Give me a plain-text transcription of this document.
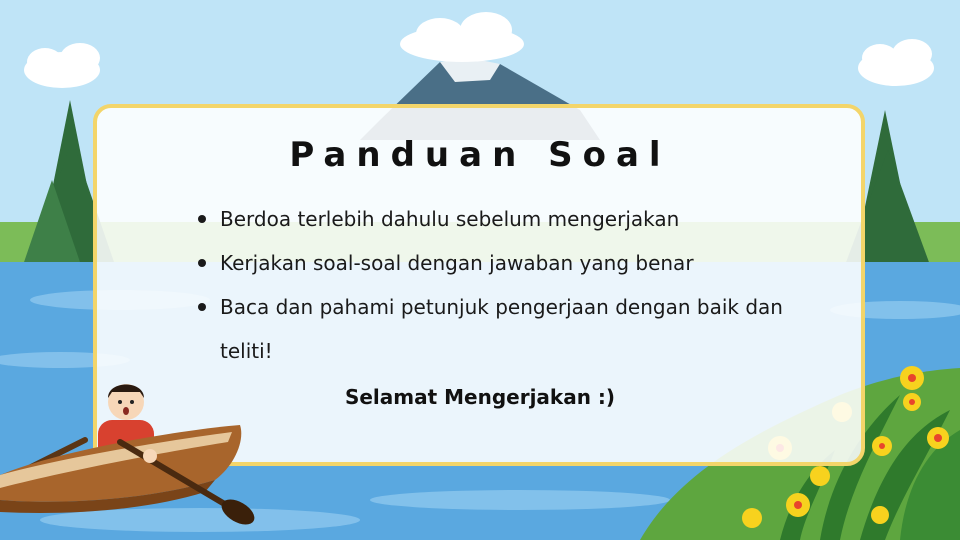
Panduan Soal
Berdoa terlebih dahulu sebelum mengerjakan
Kerjakan soal-soal dengan jawaban yang benar
Baca dan pahami petunjuk pengerjaan dengan baik dan teliti!
Selamat Mengerjakan :)
